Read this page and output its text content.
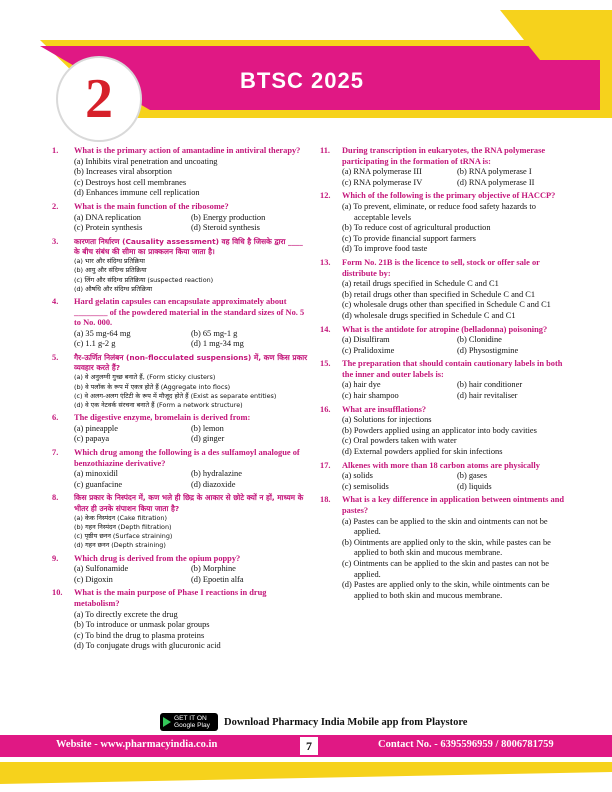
2	BTSC 2025
1. What is the primary action of amantadine in antiviral therapy?
(a) Inhibits viral penetration and uncoating
(b) Increases viral absorption
(c) Destroys host cell membranes
(d) Enhances immune cell replication
2. What is the main function of the ribosome?
(a) DNA replication	(b) Energy production
(c) Protein synthesis	(d) Steroid synthesis
3. कारणता निर्धारण (Causality assessment) वह विधि है जिसके द्वारा ____ के बीच संबंध की सीमा का प्राक्कलन किया जाता है।
(a) भार और संदिग्ध प्रतिक्रिया
(b) आयु और संदिग्ध प्रतिक्रिया
(c) लिंग और संदिग्ध प्रतिक्रिया (suspected reaction)
(d) औषधि और संदिग्ध प्रतिक्रिया
4. Hard gelatin capsules can encapsulate approximately about ________ of the powdered material in the standard sizes of No. 5 to No. 000.
(a) 35 mg-64 mg	(b) 65 mg-1 g
(c) 1.1 g-2 g	(d) 1 mg-34 mg
5. गैर-ऊर्णित निलंबन (non-flocculated suspensions) में, कण किस प्रकार व्यवहार करते हैं?
(a) वे अनुलग्नी गुच्छ बनाते हैं, (Form sticky clusters)
(b) वे पलॉक के रूप में एकत्र होते हैं (Aggregate into flocs)
(c) वे अलग-अलग एंटिटी के रूप में मौजूद होते हैं (Exist as separate entities)
(d) वे एक नेटवर्क संरचना बनाते हैं (Form a network structure)
6. The digestive enzyme, bromelain is derived from:
(a) pineapple	(b) lemon
(c) papaya	(d) ginger
7. Which drug among the following is a des sulfamoyl analogue of benzothiazine derivative?
(a) minoxidil	(b) hydralazine
(c) guanfacine	(d) diazoxide
8. किस प्रकार के निस्पंदन में, कण भले ही छिद्र के आकार से छोटे क्यों न हों, माध्यम के भीतर ही उनके संपाशन किया जाता है?
(a) केक निस्पंदन (Cake filtration)
(b) गहन निस्पंदन (Depth filtration)
(c) पृष्ठीय छनन (Surface straining)
(d) गहन छनन (Depth straining)
9. Which drug is derived from the opium poppy?
(a) Sulfonamide	(b) Morphine
(c) Digoxin	(d) Epoetin alfa
10. What is the main purpose of Phase I reactions in drug metabolism?
(a) To directly excrete the drug
(b) To introduce or unmask polar groups
(c) To bind the drug to plasma proteins
(d) To conjugate drugs with glucuronic acid
11. During transcription in eukaryotes, the RNA polymerase participating in the formation of tRNA is:
(a) RNA polymerase III	(b) RNA polymerase I
(c) RNA polymerase IV	(d) RNA polymerase II
12. Which of the following is the primary objective of HACCP?
(a) To prevent, eliminate, or reduce food safety hazards to acceptable levels
(b) To reduce cost of agricultural production
(c) To provide financial support farmers
(d) To improve food taste
13. Form No. 21B is the licence to sell, stock or offer sale or distribute by:
(a) retail drugs specified in Schedule C and C1
(b) retail drugs other than specified in Schedule C and C1
(c) wholesale drugs other than specified in Schedule C and C1
(d) wholesale drugs specified in Schedule C and C1
14. What is the antidote for atropine (belladonna) poisoning?
(a) Disulfiram	(b) Clonidine
(c) Pralidoxime	(d) Physostigmine
15. The preparation that should contain cautionary labels in both the inner and outer labels is:
(a) hair dye	(b) hair conditioner
(c) hair shampoo	(d) hair revitaliser
16. What are insufflations?
(a) Solutions for injections
(b) Powders applied using an applicator into body cavities
(c) Oral powders taken with water
(d) External powders applied for skin infections
17. Alkenes with more than 18 carbon atoms are physically
(a) solids	(b) gases
(c) semisolids	(d) liquids
18. What is a key difference in application between ointments and pastes?
(a) Pastes can be applied to the skin and ointments can not be applied.
(b) Ointments are applied only to the skin, while pastes can be applied to both skin and mucous membrane.
(c) Ointments can be applied to the skin and pastes can not be applied.
(d) Pastes are applied only to the skin, while ointments can be applied to both skin and mucous membrane.
GET IT ON
Google Play Download Pharmacy India Mobile app from Playstore
Website - www.pharmacyindia.co.in	7	Contact No. - 6395596959 / 8006781759
